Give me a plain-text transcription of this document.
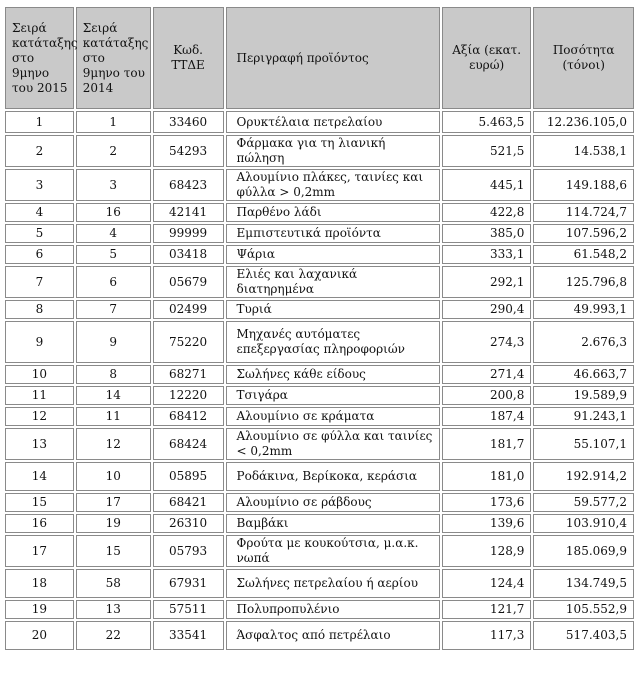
Σειρά κατάταξης στο 9μηνο του 2015	Σειρά κατάταξης στο 9μηνο του 2014	Κωδ. ΤΤΔΕ	Περιγραφή προϊόντος	Αξία (εκατ. ευρώ)	Ποσότητα (τόνοι)
1	1	33460	Ορυκτέλαια πετρελαίου	5.463,5	12.236.105,0
2	2	54293	Φάρμακα για τη λιανική πώληση	521,5	14.538,1
3	3	68423	Αλουμίνιο πλάκες, ταινίες και φύλλα > 0,2mm	445,1	149.188,6
4	16	42141	Παρθένο λάδι	422,8	114.724,7
5	4	99999	Εμπιστευτικά προϊόντα	385,0	107.596,2
6	5	03418	Ψάρια	333,1	61.548,2
7	6	05679	Ελιές και λαχανικά διατηρημένα	292,1	125.796,8
8	7	02499	Τυριά	290,4	49.993,1
9	9	75220	Μηχανές αυτόματες επεξεργασίας πληροφοριών	274,3	2.676,3
10	8	68271	Σωλήνες κάθε είδους	271,4	46.663,7
11	14	12220	Τσιγάρα	200,8	19.589,9
12	11	68412	Αλουμίνιο σε κράματα	187,4	91.243,1
13	12	68424	Αλουμίνιο σε φύλλα και ταινίες < 0,2mm	181,7	55.107,1
14	10	05895	Ροδάκινα, Βερίκοκα, κεράσια	181,0	192.914,2
15	17	68421	Αλουμίνιο σε ράβδους	173,6	59.577,2
16	19	26310	Βαμβάκι	139,6	103.910,4
17	15	05793	Φρούτα με κουκούτσια, μ.α.κ. νωπά	128,9	185.069,9
18	58	67931	Σωλήνες πετρελαίου ή αερίου	124,4	134.749,5
19	13	57511	Πολυπροπυλένιο	121,7	105.552,9
20	22	33541	Άσφαλτος από πετρέλαιο	117,3	517.403,5
